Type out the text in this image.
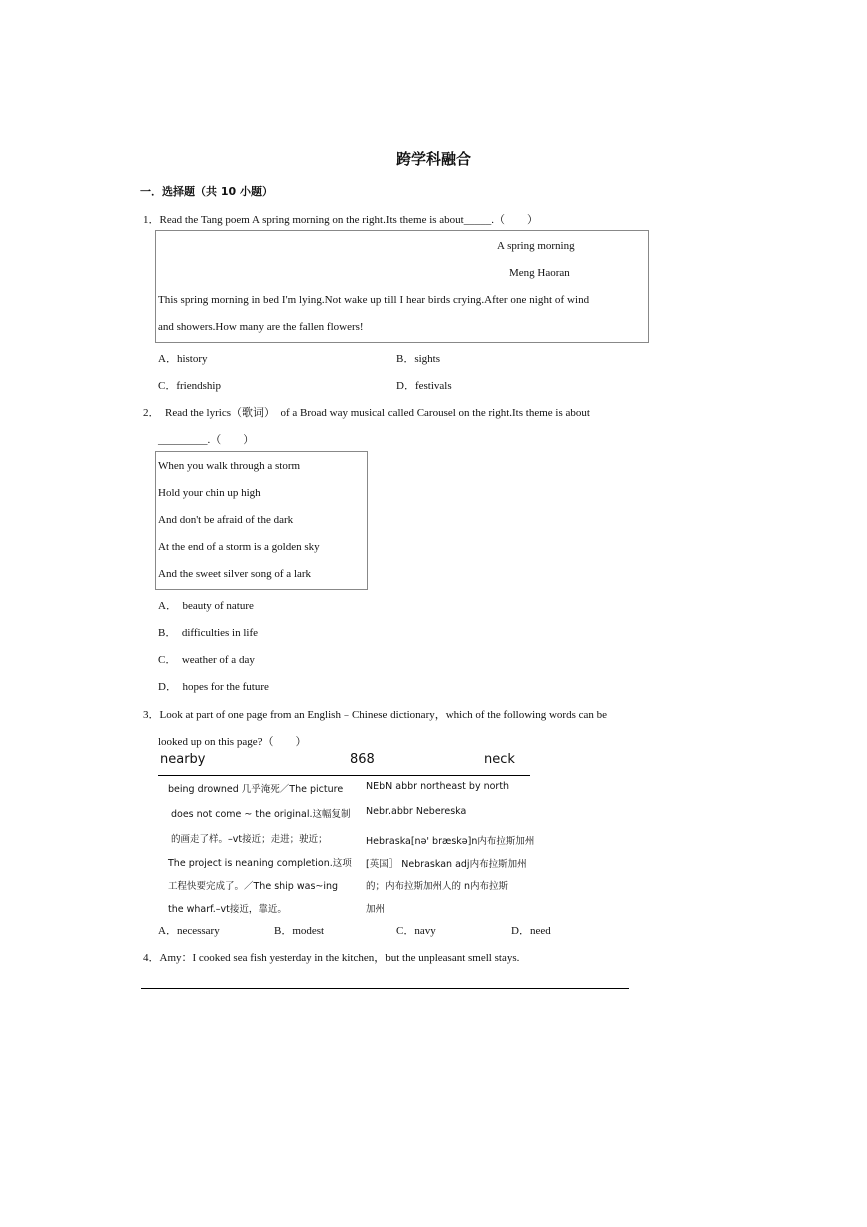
跨学科融合
一．选择题（共 10 小题）
1．Read the Tang poem A spring morning on the right.Its theme is about_____.（　　）
A spring morning
Meng Haoran
This spring morning in bed I'm lying.Not wake up till I hear birds crying.After one night of wind
and showers.How many are the fallen flowers!
A．history	B．sights
C．friendship	D．festivals
2．　Read the lyrics（歌词）　of a Broad way musical called Carousel on the right.Its theme is about
_________.（　　）
When you walk through a storm
Hold your chin up high
And don't be afraid of the dark
At the end of a storm is a golden sky
And the sweet silver song of a lark
A．　beauty of nature
B．　difficulties in life
C．　weather of a day
D．　hopes for the future
3．Look at part of one page from an English﹣Chinese dictionary，which of the following words can be
looked up on this page?（　　）
nearby	868	neck
being drowned 几乎淹死／The picture
does not come ~ the original.这幅复制
的画走了样。–vt接近；走进；驶近；
The project is neaning completion.这项
工程快要完成了。／The ship was~ing
the wharf.–vt接近，靠近。
NEbN abbr northeast by north
Nebr.abbr Nebereska
Hebraska[nə' bræskə]n内布拉斯加州
[英国］ Nebraskan adj内布拉斯加州
的；内布拉斯加州人的 n内布拉斯
加州
A．necessary	B．modest	C．navy	D．need
4．Amy：I cooked sea fish yesterday in the kitchen，but the unpleasant smell stays.
